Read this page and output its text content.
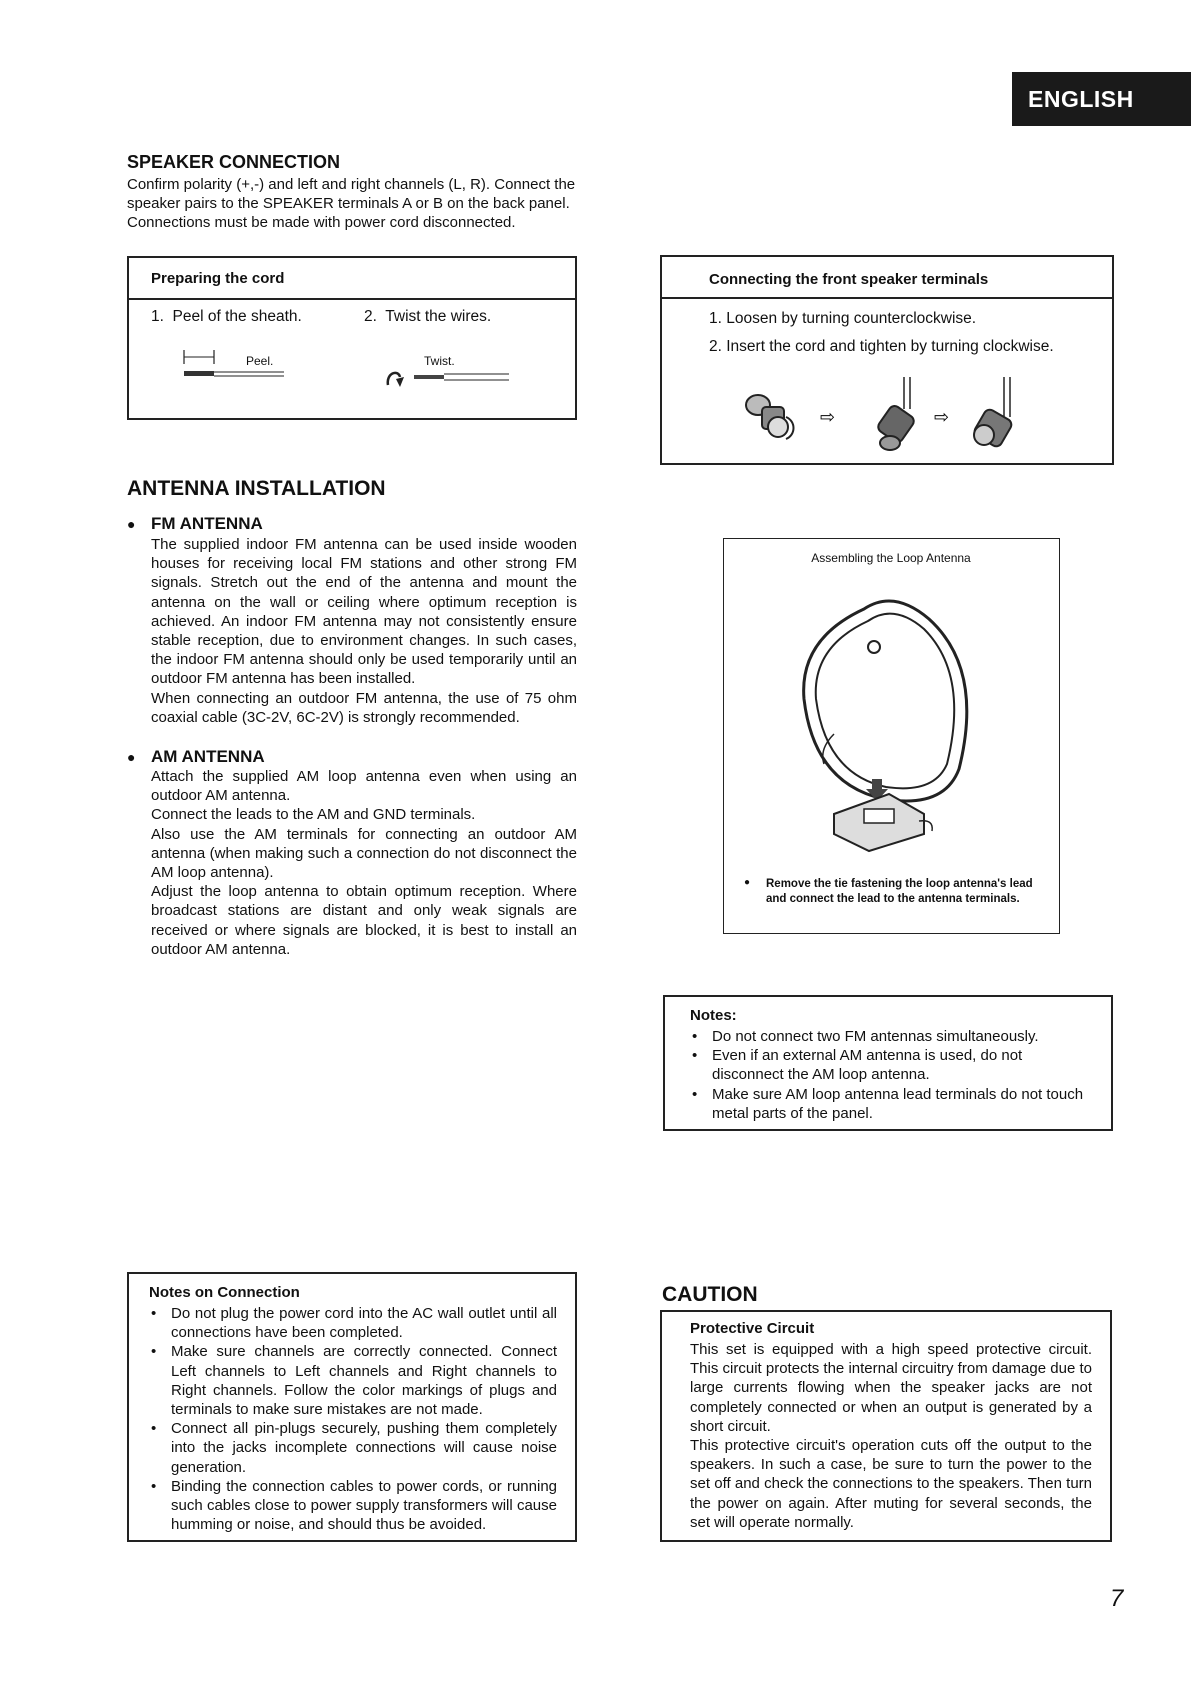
ENGLISH
SPEAKER CONNECTION

Confirm polarity (+,-) and left and right channels (L, R). Connect the speaker pairs to the SPEAKER terminals A or B on the back panel. Connections must be made with power cord disconnected.

Preparing the cord
1.  Peel of the sheath.	2.  Twist the wires.
Peel.	Twist.
Connecting the front speaker terminals
1. Loosen by turning counterclockwise.
2. Insert the cord and tighten by turning clockwise.
⇨	⇨
ANTENNA INSTALLATION
● FM ANTENNA

The supplied indoor FM antenna can be used inside wooden houses for receiving local FM stations and other strong FM signals. Stretch out the end of the antenna and mount the antenna on the wall or ceiling where optimum reception is achieved. An indoor FM antenna may not consistently ensure stable reception, due to environment changes. In such cases, the indoor FM antenna should only be used temporarily until an outdoor FM antenna has been installed.

When connecting an outdoor FM antenna, the use of 75 ohm coaxial cable (3C-2V, 6C-2V) is strongly recommended.

● AM ANTENNA

Attach the supplied AM loop antenna even when using an outdoor AM antenna.

Connect the leads to the AM and GND terminals.

Also use the AM terminals for connecting an outdoor AM antenna (when making such a connection do not disconnect the AM loop antenna).

Adjust the loop antenna to obtain optimum reception. Where broadcast stations are distant and only weak signals are received or where signals are blocked, it is best to install an outdoor AM antenna.

Assembling the Loop Antenna
● Remove the tie fastening the loop antenna's lead and connect the lead to the antenna terminals.
Notes:
• Do not connect two FM antennas simultaneously.
• Even if an external AM antenna is used, do not disconnect the AM loop antenna.
• Make sure AM loop antenna lead terminals do not touch metal parts of the panel.
Notes on Connection
• Do not plug the power cord into the AC wall outlet until all connections have been completed.
• Make sure channels are correctly connected. Connect Left channels to Left channels and Right channels to Right channels. Follow the color markings of plugs and terminals to make sure mistakes are not made.
• Connect all pin-plugs securely, pushing them completely into the jacks incomplete connections will cause noise generation.
• Binding the connection cables to power cords, or running such cables close to power supply transformers will cause humming or noise, and should thus be avoided.
CAUTION
Protective Circuit

This set is equipped with a high speed protective circuit. This circuit protects the internal circuitry from damage due to large currents flowing when the speaker jacks are not completely connected or when an output is generated by a short circuit.

This protective circuit's operation cuts off the output to the speakers. In such a case, be sure to turn the power to the set off and check the connections to the speakers. Then turn the power on again. After muting for several seconds, the set will operate normally.

7
